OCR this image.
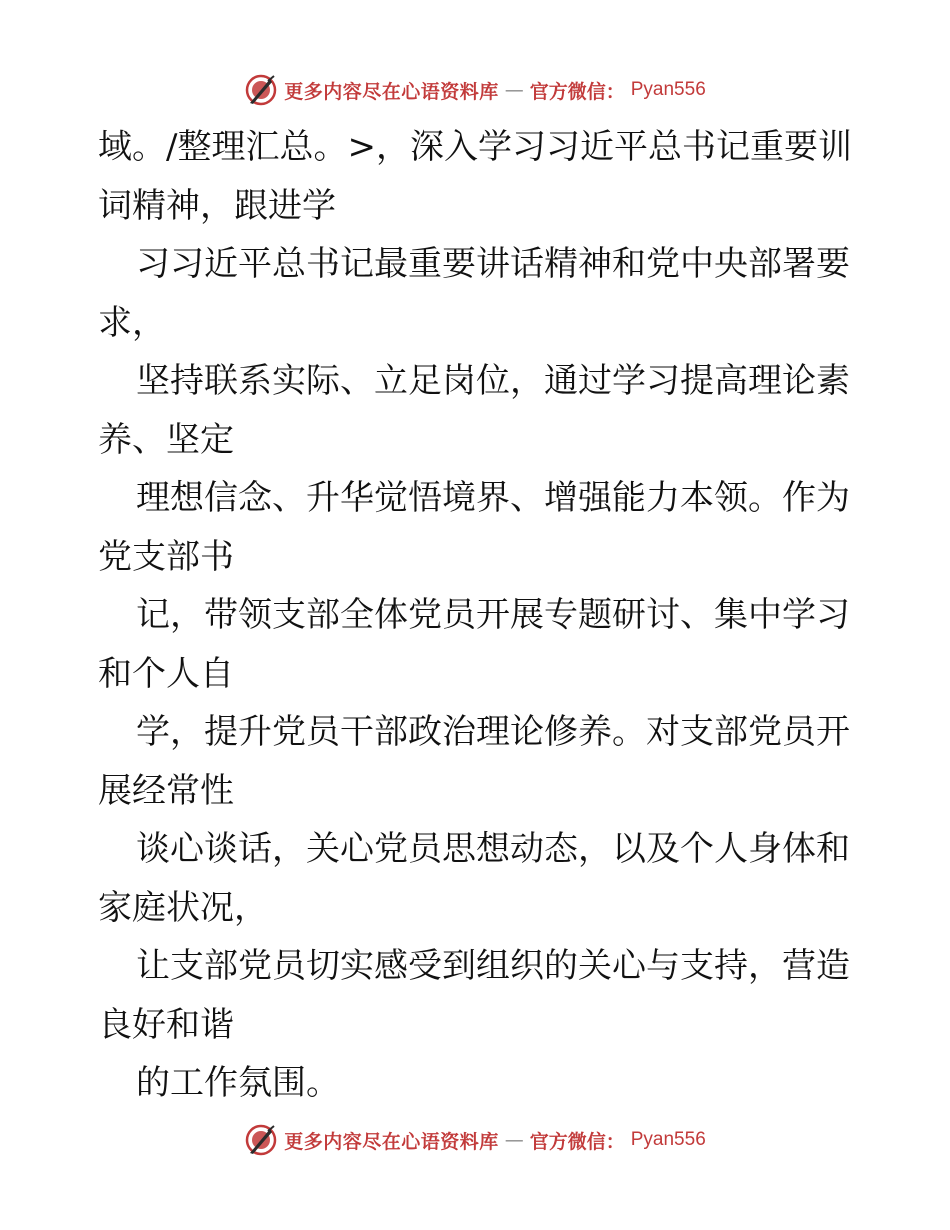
更多内容尽在心语资料库 — 官方微信： Pyan556
域。/整理汇总。>，深入学习习近平总书记重要训
词精神，跟进学
习习近平总书记最重要讲话精神和党中央部署要
求，
坚持联系实际、立足岗位，通过学习提高理论素
养、坚定
理想信念、升华觉悟境界、增强能力本领。作为
党支部书
记，带领支部全体党员开展专题研讨、集中学习
和个人自
学，提升党员干部政治理论修养。对支部党员开
展经常性
谈心谈话，关心党员思想动态，以及个人身体和
家庭状况，
让支部党员切实感受到组织的关心与支持，营造
良好和谐
的工作氛围。
更多内容尽在心语资料库 — 官方微信： Pyan556
